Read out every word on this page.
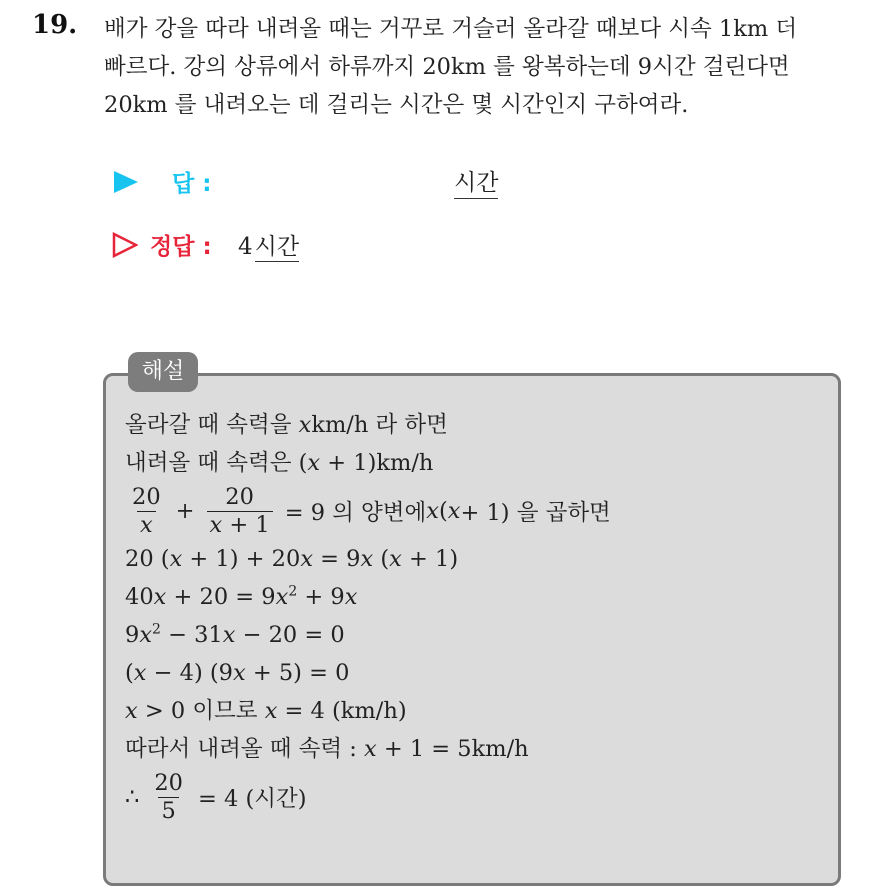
19. 배가 강을 따라 내려올 때는 거꾸로 거슬러 올라갈 때보다 시속 1km 더
빠르다. 강의 상류에서 하류까지 20km 를 왕복하는데 9시간 걸린다면
20km 를 내려오는 데 걸리는 시간은 몇 시간인지 구하여라.
답 :	시간
정답 : 4시간
해설
올라갈 때 속력을 xkm/h 라 하면
내려올 때 속력은 (x + 1)km/h
$\frac{20}{x} + \frac{20}{x + 1} = 9$ 의 양변에 x ( x + 1) 을 곱하면
20 (x + 1) + 20x = 9x (x + 1)
$40x + 20 = 9x^2 + 9x$
$9x^2 - 31x - 20 = 0$
(x − 4) (9x + 5) = 0
x > 0 이므로 x = 4 (km/h)
따라서 내려올 때 속력 : x + 1 = 5km/h
∴ $\frac{20}{5} = 4$ (시간)
